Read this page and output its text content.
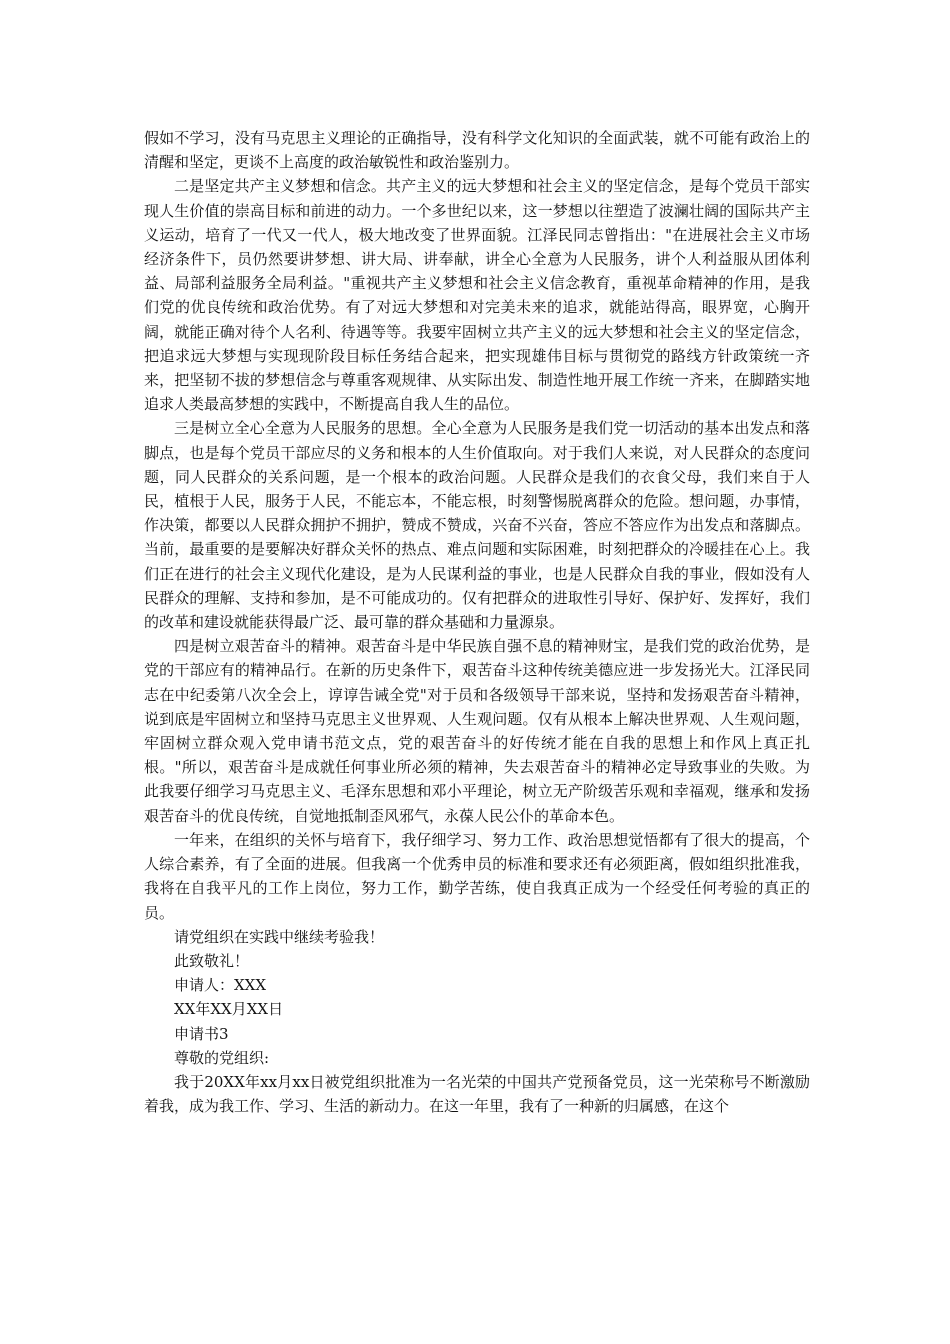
假如不学习，没有马克思主义理论的正确指导，没有科学文化知识的全面武装，就不可能有政治上的清醒和坚定，更谈不上高度的政治敏锐性和政治鉴别力。

二是坚定共产主义梦想和信念。共产主义的远大梦想和社会主义的坚定信念，是每个党员干部实现人生价值的崇高目标和前进的动力。一个多世纪以来，这一梦想以往塑造了波澜壮阔的国际共产主义运动，培育了一代又一代人，极大地改变了世界面貌。江泽民同志曾指出："在进展社会主义市场经济条件下，员仍然要讲梦想、讲大局、讲奉献，讲全心全意为人民服务，讲个人利益服从团体利益、局部利益服务全局利益。"重视共产主义梦想和社会主义信念教育，重视革命精神的作用，是我们党的优良传统和政治优势。有了对远大梦想和对完美未来的追求，就能站得高，眼界宽，心胸开阔，就能正确对待个人名利、待遇等等。我要牢固树立共产主义的远大梦想和社会主义的坚定信念，把追求远大梦想与实现现阶段目标任务结合起来，把实现雄伟目标与贯彻党的路线方针政策统一齐来，把坚韧不拔的梦想信念与尊重客观规律、从实际出发、制造性地开展工作统一齐来，在脚踏实地追求人类最高梦想的实践中，不断提高自我人生的品位。

三是树立全心全意为人民服务的思想。全心全意为人民服务是我们党一切活动的基本出发点和落脚点，也是每个党员干部应尽的义务和根本的人生价值取向。对于我们人来说，对人民群众的态度问题，同人民群众的关系问题，是一个根本的政治问题。人民群众是我们的衣食父母，我们来自于人民，植根于人民，服务于人民，不能忘本，不能忘根，时刻警惕脱离群众的危险。想问题，办事情，作决策，都要以人民群众拥护不拥护，赞成不赞成，兴奋不兴奋，答应不答应作为出发点和落脚点。当前，最重要的是要解决好群众关怀的热点、难点问题和实际困难，时刻把群众的冷暖挂在心上。我们正在进行的社会主义现代化建设，是为人民谋利益的事业，也是人民群众自我的事业，假如没有人民群众的理解、支持和参加，是不可能成功的。仅有把群众的进取性引导好、保护好、发挥好，我们的改革和建设就能获得最广泛、最可靠的群众基础和力量源泉。

四是树立艰苦奋斗的精神。艰苦奋斗是中华民族自强不息的精神财宝，是我们党的政治优势，是党的干部应有的精神品行。在新的历史条件下，艰苦奋斗这种传统美德应进一步发扬光大。江泽民同志在中纪委第八次全会上，谆谆告诫全党"对于员和各级领导干部来说，坚持和发扬艰苦奋斗精神，说到底是牢固树立和坚持马克思主义世界观、人生观问题。仅有从根本上解决世界观、人生观问题，牢固树立群众观入党申请书范文点，党的艰苦奋斗的好传统才能在自我的思想上和作风上真正扎根。"所以，艰苦奋斗是成就任何事业所必须的精神，失去艰苦奋斗的精神必定导致事业的失败。为此我要仔细学习马克思主义、毛泽东思想和邓小平理论，树立无产阶级苦乐观和幸福观，继承和发扬艰苦奋斗的优良传统，自觉地抵制歪风邪气，永葆人民公仆的革命本色。

一年来，在组织的关怀与培育下，我仔细学习、努力工作、政治思想觉悟都有了很大的提高，个人综合素养，有了全面的进展。但我离一个优秀申员的标准和要求还有必须距离，假如组织批准我，我将在自我平凡的工作上岗位，努力工作，勤学苦练，使自我真正成为一个经受任何考验的真正的员。

请党组织在实践中继续考验我！

此致敬礼！

申请人：XXX

XX年XX月XX日

申请书3

尊敬的党组织:

我于20XX年xx月xx日被党组织批准为一名光荣的中国共产党预备党员，这一光荣称号不断激励着我，成为我工作、学习、生活的新动力。在这一年里，我有了一种新的归属感，在这个
